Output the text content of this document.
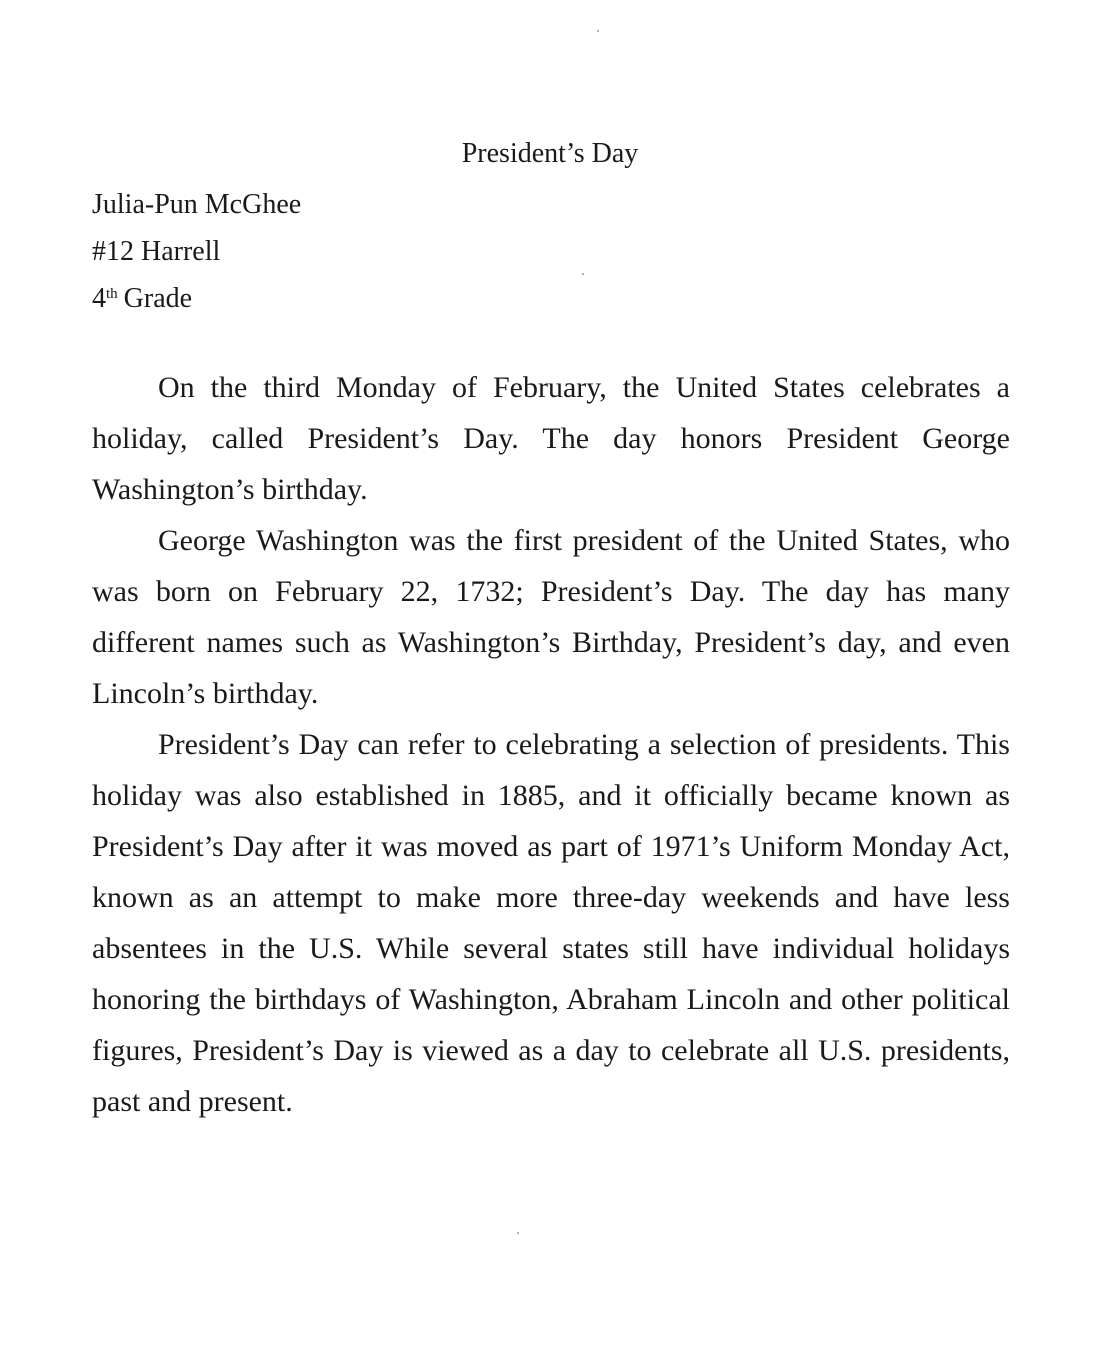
President’s Day
Julia-Pun McGhee
#12 Harrell
4th Grade

On the third Monday of February, the United States celebrates a holiday, called President’s Day. The day honors President George Washington’s birthday.

George Washington was the first president of the United States, who was born on February 22, 1732; President’s Day. The day has many different names such as Washington’s Birthday, President’s day, and even Lincoln’s birthday.

President’s Day can refer to celebrating a selection of presidents. This holiday was also established in 1885, and it officially became known as President’s Day after it was moved as part of 1971’s Uniform Monday Act, known as an attempt to make more three-day weekends and have less absentees in the U.S. While several states still have individual holidays honoring the birthdays of Washington, Abraham Lincoln and other political figures, President’s Day is viewed as a day to celebrate all U.S. presidents, past and present.
